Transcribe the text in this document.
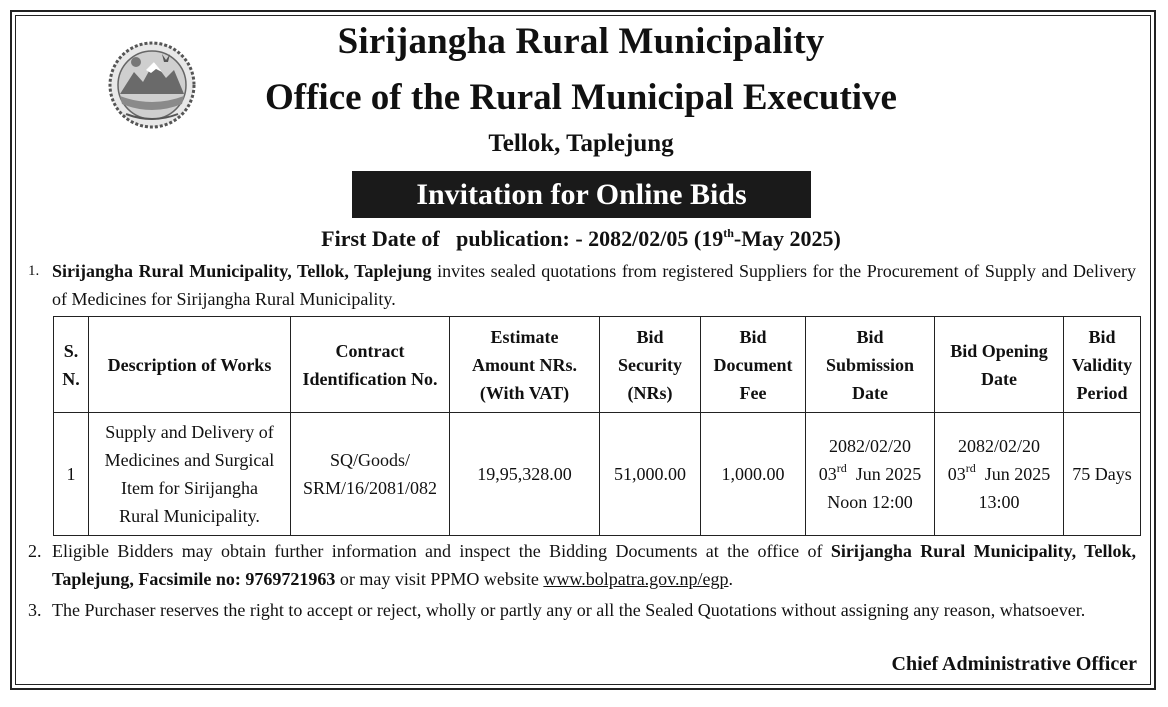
Sirijangha Rural Municipality
Office of the Rural Municipal Executive
Tellok, Taplejung
Invitation for Online Bids
First Date of   publication: - 2082/02/05 (19th-May 2025)
1. Sirijangha Rural Municipality, Tellok, Taplejung invites sealed quotations from registered Suppliers for the Procurement of Supply and Delivery of Medicines for Sirijangha Rural Municipality.
S.
N.	Description of Works	Contract
Identification No.	Estimate
Amount NRs.
(With VAT)	Bid
Security
(NRs)	Bid
Document
Fee	Bid
Submission
Date	Bid Opening
Date	Bid
Validity
Period
1	Supply and Delivery of
Medicines and Surgical
Item for Sirijangha
Rural Municipality.	SQ/Goods/
SRM/16/2081/082	19,95,328.00	51,000.00	1,000.00	2082/02/20
03rd  Jun 2025
Noon 12:00	2082/02/20
03rd  Jun 2025
13:00	75 Days
2. Eligible Bidders may obtain further information and inspect the Bidding Documents at the office of Sirijangha Rural Municipality, Tellok, Taplejung, Facsimile no: 9769721963 or may visit PPMO website www.bolpatra.gov.np/egp.
3. The Purchaser reserves the right to accept or reject, wholly or partly any or all the Sealed Quotations without assigning any reason, whatsoever.
Chief Administrative Officer
